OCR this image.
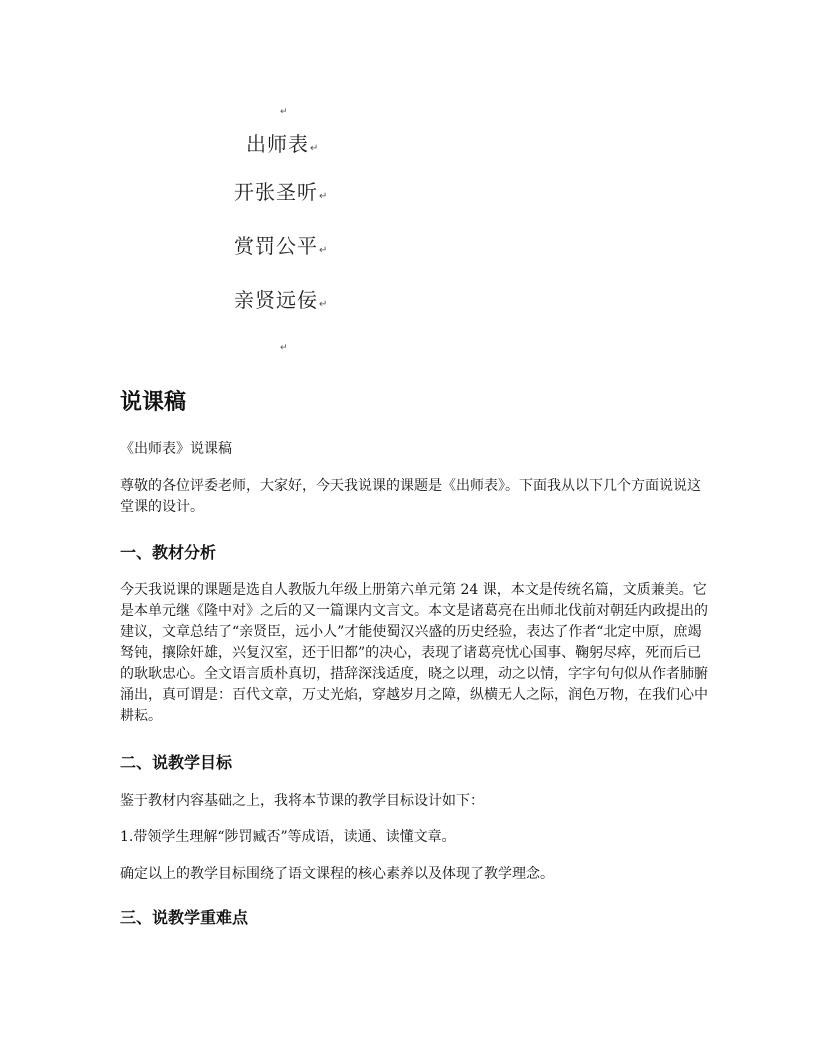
↵
出师表↵
开张圣听↵
赏罚公平↵
亲贤远佞↵
↵
说课稿

《出师表》说课稿

尊敬的各位评委老师，大家好，今天我说课的课题是《出师表》。下面我从以下几个方面说说这堂课的设计。

一、教材分析

今天我说课的课题是选自人教版九年级上册第六单元第 24 课，本文是传统名篇，文质兼美。它是本单元继《隆中对》之后的又一篇课内文言文。本文是诸葛亮在出师北伐前对朝廷内政提出的建议，文章总结了“亲贤臣，远小人”才能使蜀汉兴盛的历史经验，表达了作者“北定中原，庶竭驽钝，攘除奸雄，兴复汉室，还于旧都”的决心，表现了诸葛亮忧心国事、鞠躬尽瘁，死而后已的耿耿忠心。全文语言质朴真切，措辞深浅适度，晓之以理，动之以情，字字句句似从作者肺腑涌出，真可谓是：百代文章，万丈光焰，穿越岁月之障，纵横无人之际，润色万物，在我们心中耕耘。

二、说教学目标

鉴于教材内容基础之上，我将本节课的教学目标设计如下：

1.带领学生理解“陟罚臧否”等成语，读通、读懂文章。

确定以上的教学目标围绕了语文课程的核心素养以及体现了教学理念。

三、说教学重难点
